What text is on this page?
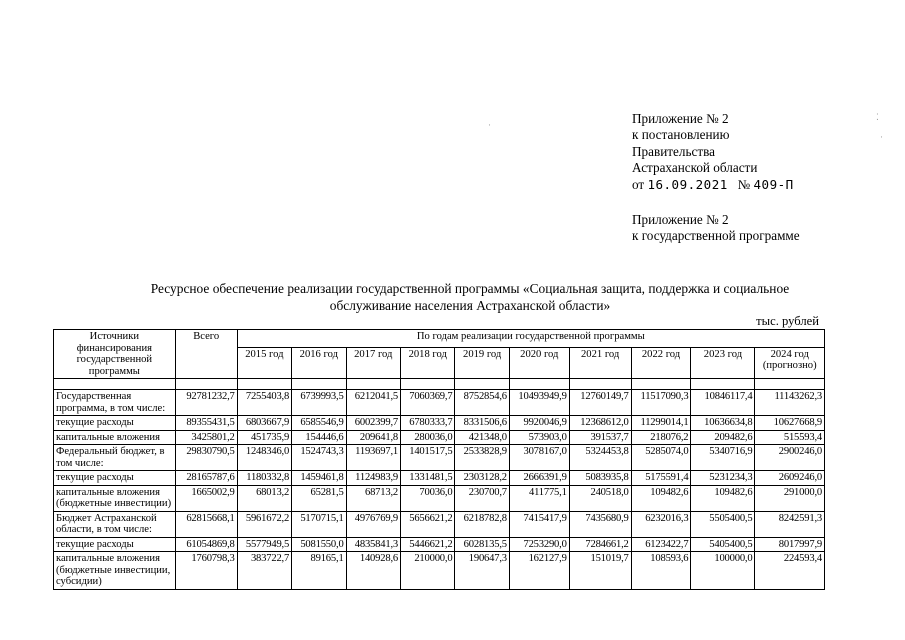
Приложение № 2
к постановлению
Правительства
Астраханской области
от 16.09.2021 № 409-П
Приложение № 2
к государственной программе
Ресурсное обеспечение реализации государственной программы «Социальная защита, поддержка и социальное
обслуживание населения Астраханской области»
тыс. рублей
·
⁚
·
Источники финансирования государственной программы	Всего	По годам реализации государственной программы									
		2015 год	2016 год	2017 год	2018 год	2019 год	2020 год	2021 год	2022 год	2023 год	2024 год (прогнозно)

Государственная программа, в том числе:	92781232,7	7255403,8	6739993,5	6212041,5	7060369,7	8752854,6	10493949,9	12760149,7	11517090,3	10846117,4	11143262,3
текущие расходы	89355431,5	6803667,9	6585546,9	6002399,7	6780333,7	8331506,6	9920046,9	12368612,0	11299014,1	10636634,8	10627668,9
капитальные вложения	3425801,2	451735,9	154446,6	209641,8	280036,0	421348,0	573903,0	391537,7	218076,2	209482,6	515593,4
Федеральный бюджет, в том числе:	29830790,5	1248346,0	1524743,3	1193697,1	1401517,5	2533828,9	3078167,0	5324453,8	5285074,0	5340716,9	2900246,0
текущие расходы	28165787,6	1180332,8	1459461,8	1124983,9	1331481,5	2303128,2	2666391,9	5083935,8	5175591,4	5231234,3	2609246,0
капитальные вложения (бюджетные инвестиции)	1665002,9	68013,2	65281,5	68713,2	70036,0	230700,7	411775,1	240518,0	109482,6	109482,6	291000,0
Бюджет Астраханской области, в том числе:	62815668,1	5961672,2	5170715,1	4976769,9	5656621,2	6218782,8	7415417,9	7435680,9	6232016,3	5505400,5	8242591,3
текущие расходы	61054869,8	5577949,5	5081550,0	4835841,3	5446621,2	6028135,5	7253290,0	7284661,2	6123422,7	5405400,5	8017997,9
капитальные вложения (бюджетные инвестиции, субсидии)	1760798,3	383722,7	89165,1	140928,6	210000,0	190647,3	162127,9	151019,7	108593,6	100000,0	224593,4
